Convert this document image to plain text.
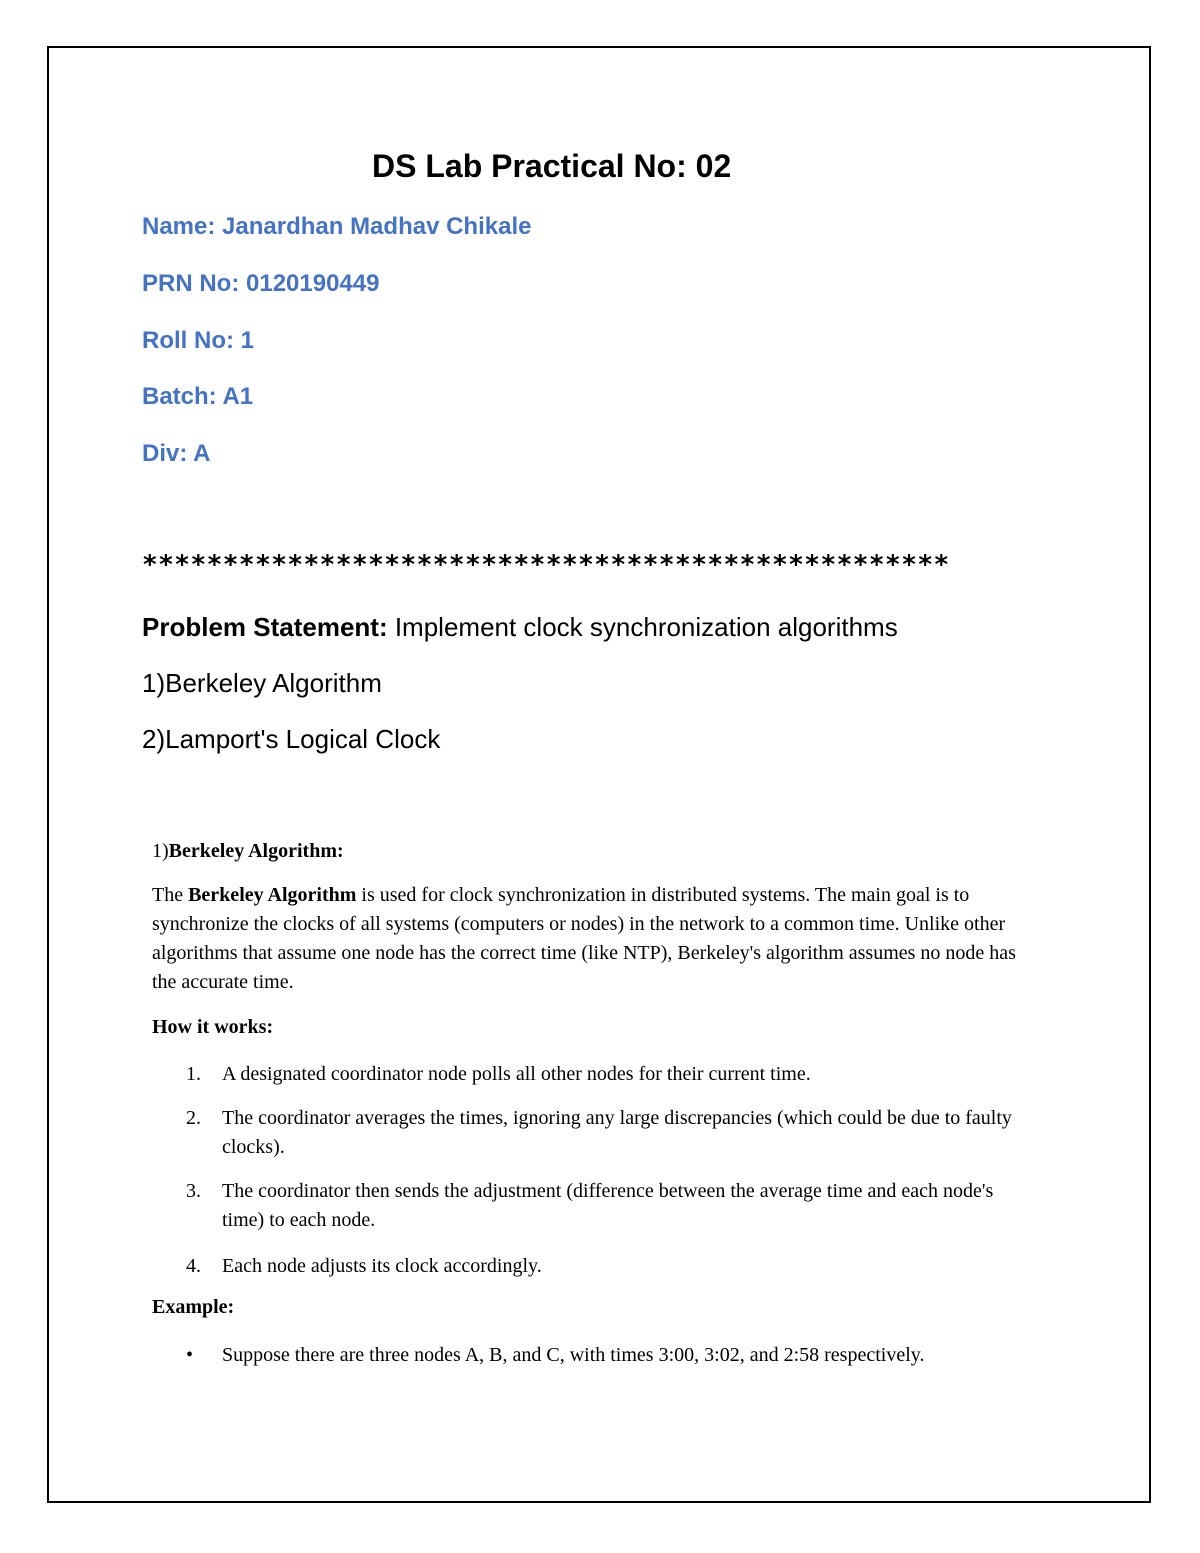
DS Lab Practical No: 02
Name: Janardhan Madhav Chikale
PRN No: 0120190449
Roll No: 1
Batch: A1
Div: A
**************************************************
Problem Statement: Implement clock synchronization algorithms
1)Berkeley Algorithm
2)Lamport's Logical Clock
1)Berkeley Algorithm:
The Berkeley Algorithm is used for clock synchronization in distributed systems. The main goal is to synchronize the clocks of all systems (computers or nodes) in the network to a common time. Unlike other algorithms that assume one node has the correct time (like NTP), Berkeley's algorithm assumes no node has the accurate time.
How it works:
1.	A designated coordinator node polls all other nodes for their current time.
2.	The coordinator averages the times, ignoring any large discrepancies (which could be due to faulty clocks).
3.	The coordinator then sends the adjustment (difference between the average time and each node's time) to each node.
4.	Each node adjusts its clock accordingly.
Example:
•	Suppose there are three nodes A, B, and C, with times 3:00, 3:02, and 2:58 respectively.
